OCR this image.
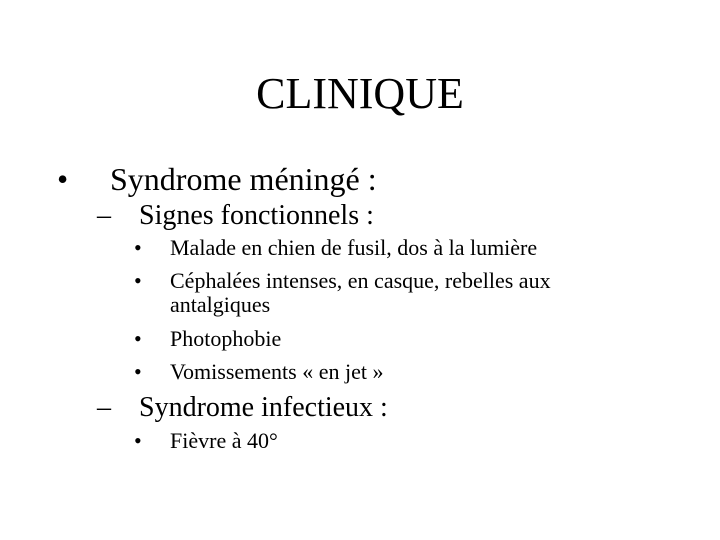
CLINIQUE
• Syndrome méningé :
– Signes fonctionnels :
• Malade en chien de fusil, dos à la lumière
• Céphalées intenses, en casque, rebelles aux antalgiques
• Photophobie
• Vomissements « en jet »
– Syndrome infectieux :
• Fièvre à 40°
